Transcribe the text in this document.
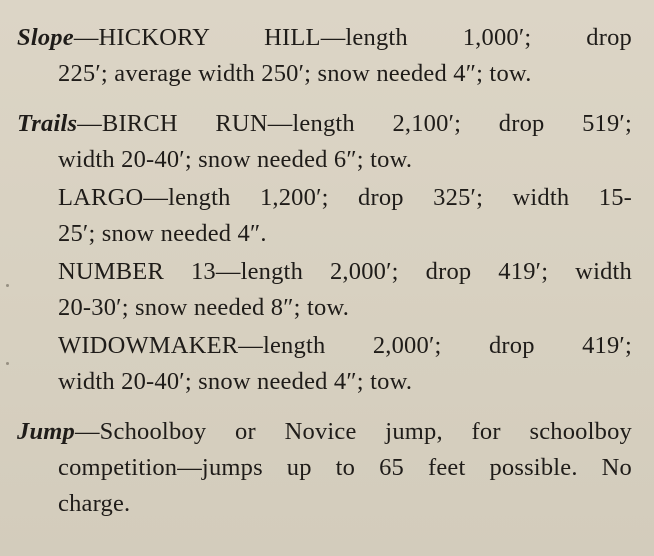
Slope—HICKORY HILL—length 1,000′; drop
225′; average width 250′; snow needed 4″; tow.
Trails—BIRCH RUN—length 2,100′; drop 519′;
width 20-40′; snow needed 6″; tow.
LARGO—length 1,200′; drop 325′; width 15-
25′; snow needed 4″.
NUMBER 13—length 2,000′; drop 419′; width
20-30′; snow needed 8″; tow.
WIDOWMAKER—length 2,000′; drop 419′;
width 20-40′; snow needed 4″; tow.
Jump—Schoolboy or Novice jump, for schoolboy
competition—jumps up to 65 feet possible. No
charge.
